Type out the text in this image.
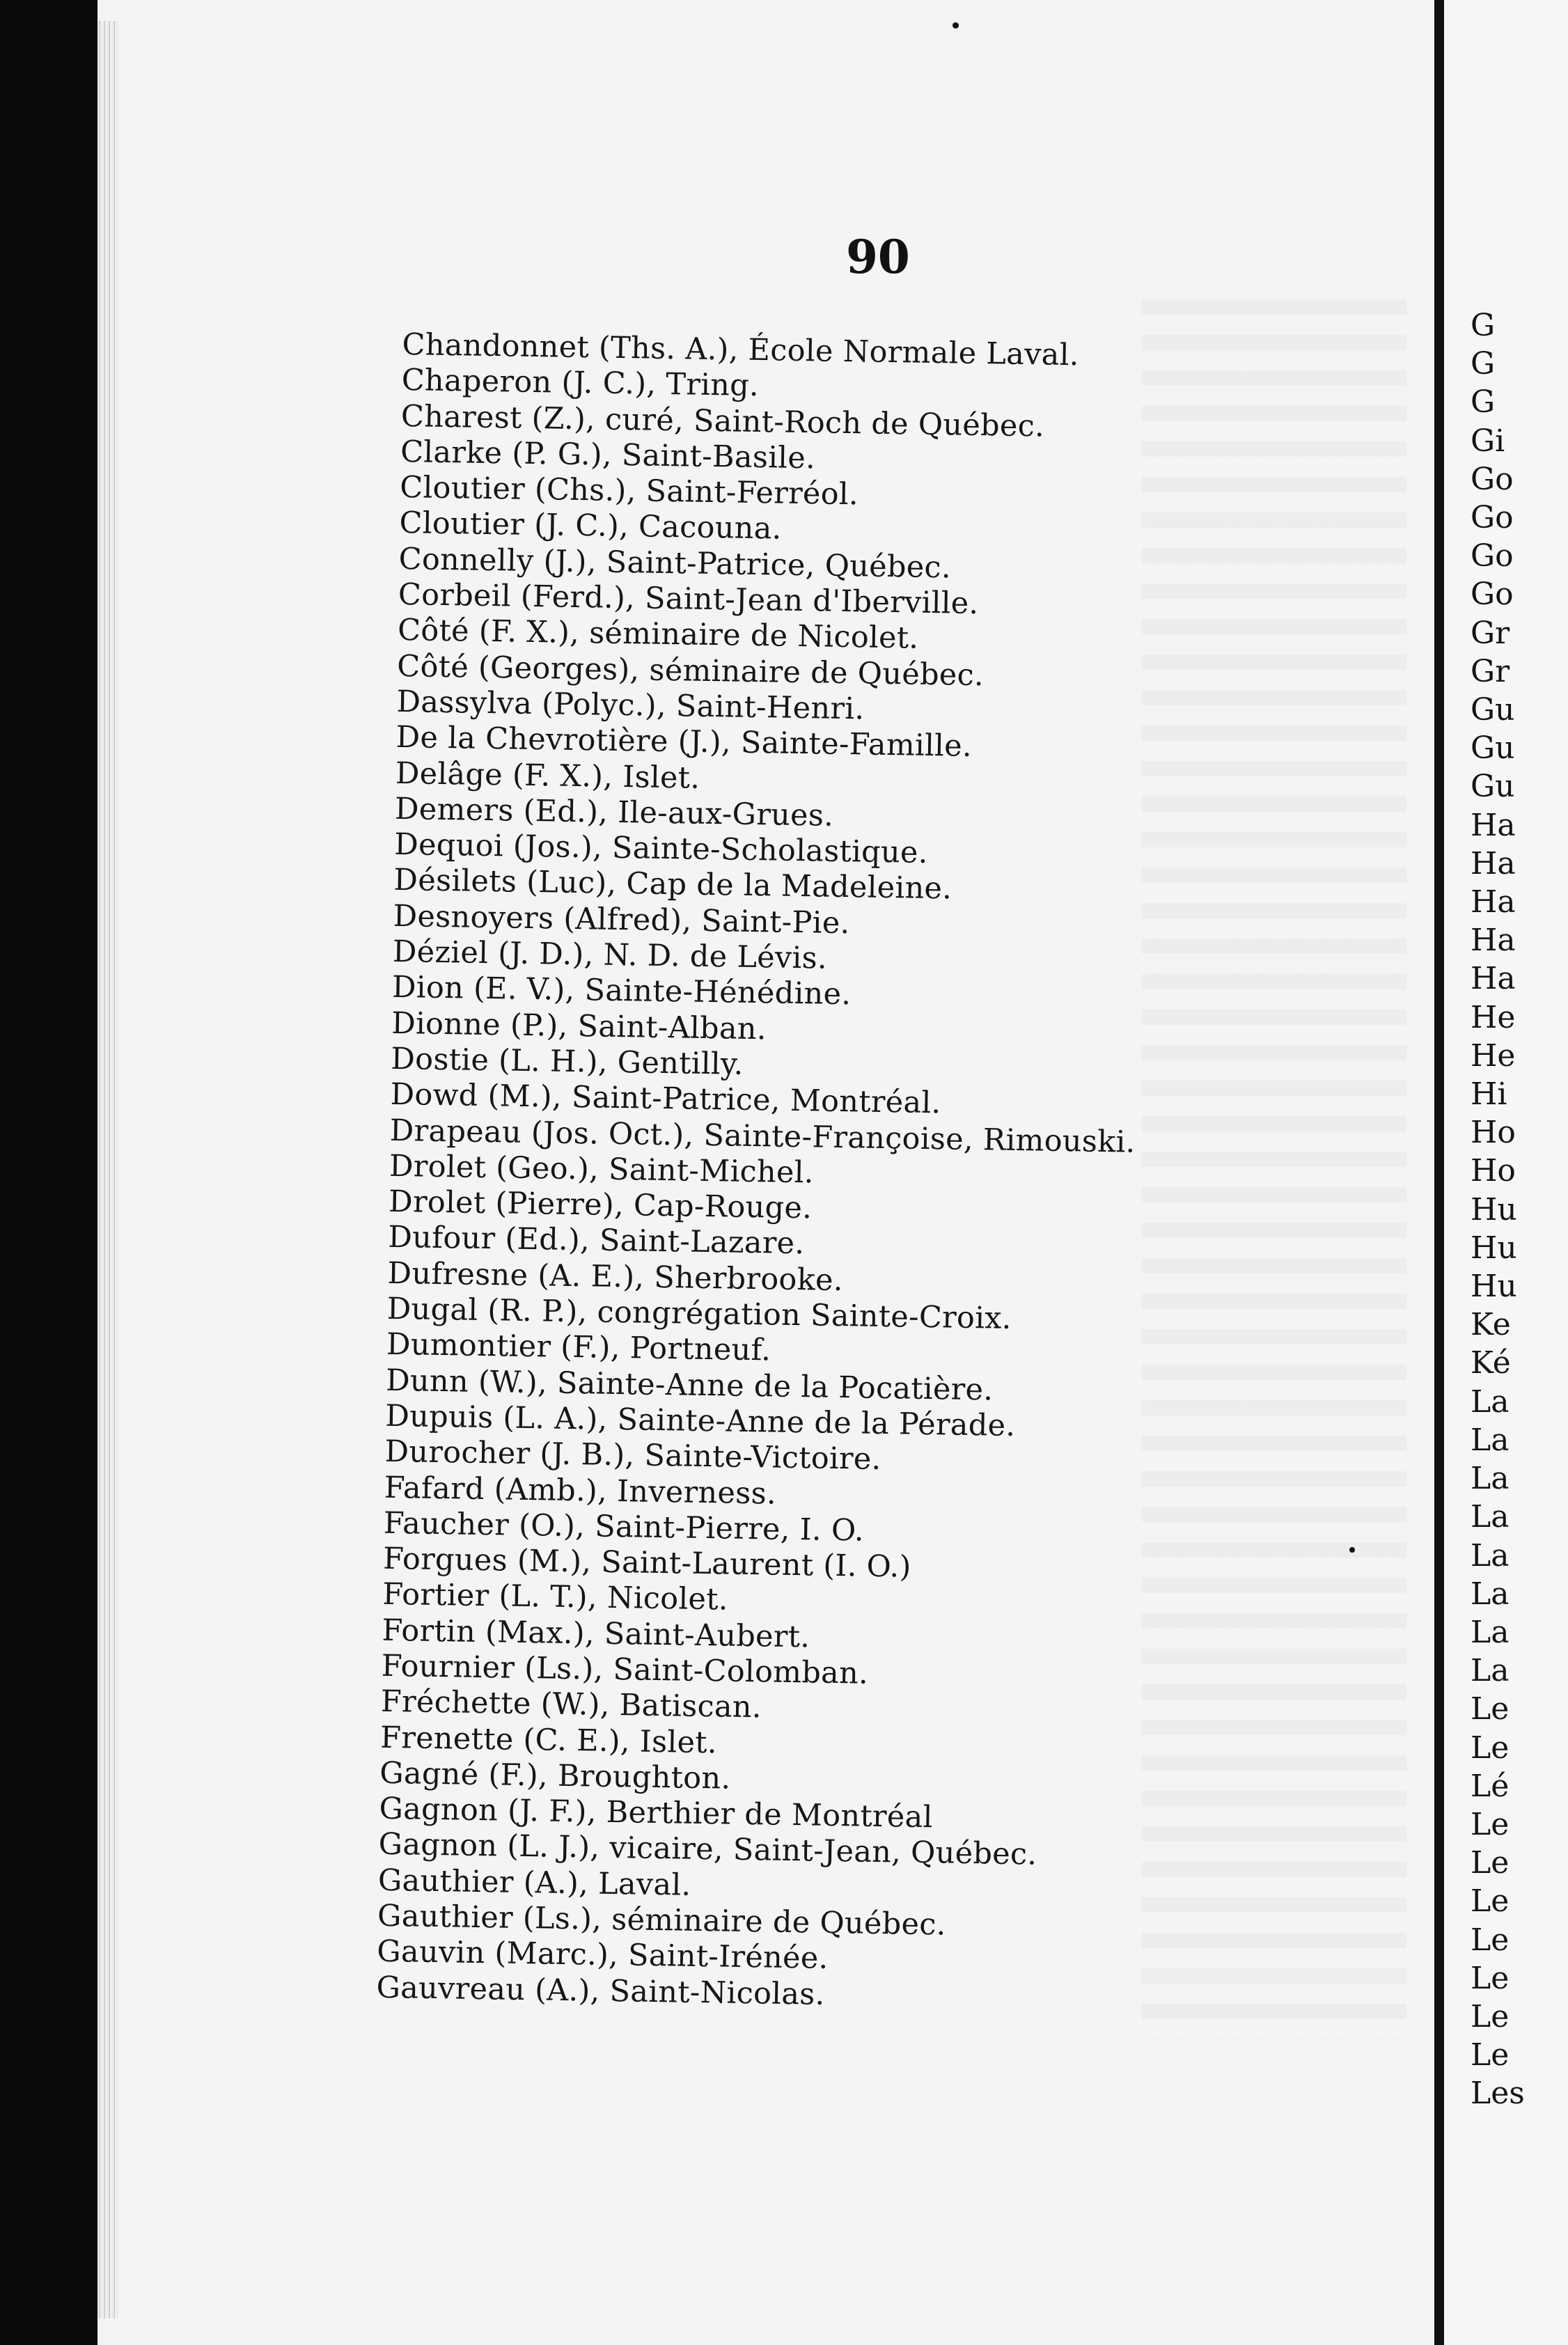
90
Chandonnet (Ths. A.), École Normale Laval.
Chaperon (J. C.), Tring.
Charest (Z.), curé, Saint-Roch de Québec.
Clarke (P. G.), Saint-Basile.
Cloutier (Chs.), Saint-Ferréol.
Cloutier (J. C.), Cacouna.
Connelly (J.), Saint-Patrice, Québec.
Corbeil (Ferd.), Saint-Jean d'Iberville.
Côté (F. X.), séminaire de Nicolet.
Côté (Georges), séminaire de Québec.
Dassylva (Polyc.), Saint-Henri.
De la Chevrotière (J.), Sainte-Famille.
Delâge (F. X.), Islet.
Demers (Ed.), Ile-aux-Grues.
Dequoi (Jos.), Sainte-Scholastique.
Désilets (Luc), Cap de la Madeleine.
Desnoyers (Alfred), Saint-Pie.
Déziel (J. D.), N. D. de Lévis.
Dion (E. V.), Sainte-Hénédine.
Dionne (P.), Saint-Alban.
Dostie (L. H.), Gentilly.
Dowd (M.), Saint-Patrice, Montréal.
Drapeau (Jos. Oct.), Sainte-Françoise, Rimouski.
Drolet (Geo.), Saint-Michel.
Drolet (Pierre), Cap-Rouge.
Dufour (Ed.), Saint-Lazare.
Dufresne (A. E.), Sherbrooke.
Dugal (R. P.), congrégation Sainte-Croix.
Dumontier (F.), Portneuf.
Dunn (W.), Sainte-Anne de la Pocatière.
Dupuis (L. A.), Sainte-Anne de la Pérade.
Durocher (J. B.), Sainte-Victoire.
Fafard (Amb.), Inverness.
Faucher (O.), Saint-Pierre, I. O.
Forgues (M.), Saint-Laurent (I. O.)
Fortier (L. T.), Nicolet.
Fortin (Max.), Saint-Aubert.
Fournier (Ls.), Saint-Colomban.
Fréchette (W.), Batiscan.
Frenette (C. E.), Islet.
Gagné (F.), Broughton.
Gagnon (J. F.), Berthier de Montréal
Gagnon (L. J.), vicaire, Saint-Jean, Québec.
Gauthier (A.), Laval.
Gauthier (Ls.), séminaire de Québec.
Gauvin (Marc.), Saint-Irénée.
Gauvreau (A.), Saint-Nicolas.
G
G
G
Gi
Go
Go
Go
Go
Gr
Gr
Gu
Gu
Gu
Ha
Ha
Ha
Ha
Ha
He
He
Hi
Ho
Ho
Hu
Hu
Hu
Ke
Ké
La
La
La
La
La
La
La
La
Le
Le
Lé
Le
Le
Le
Le
Le
Le
Le
Les
